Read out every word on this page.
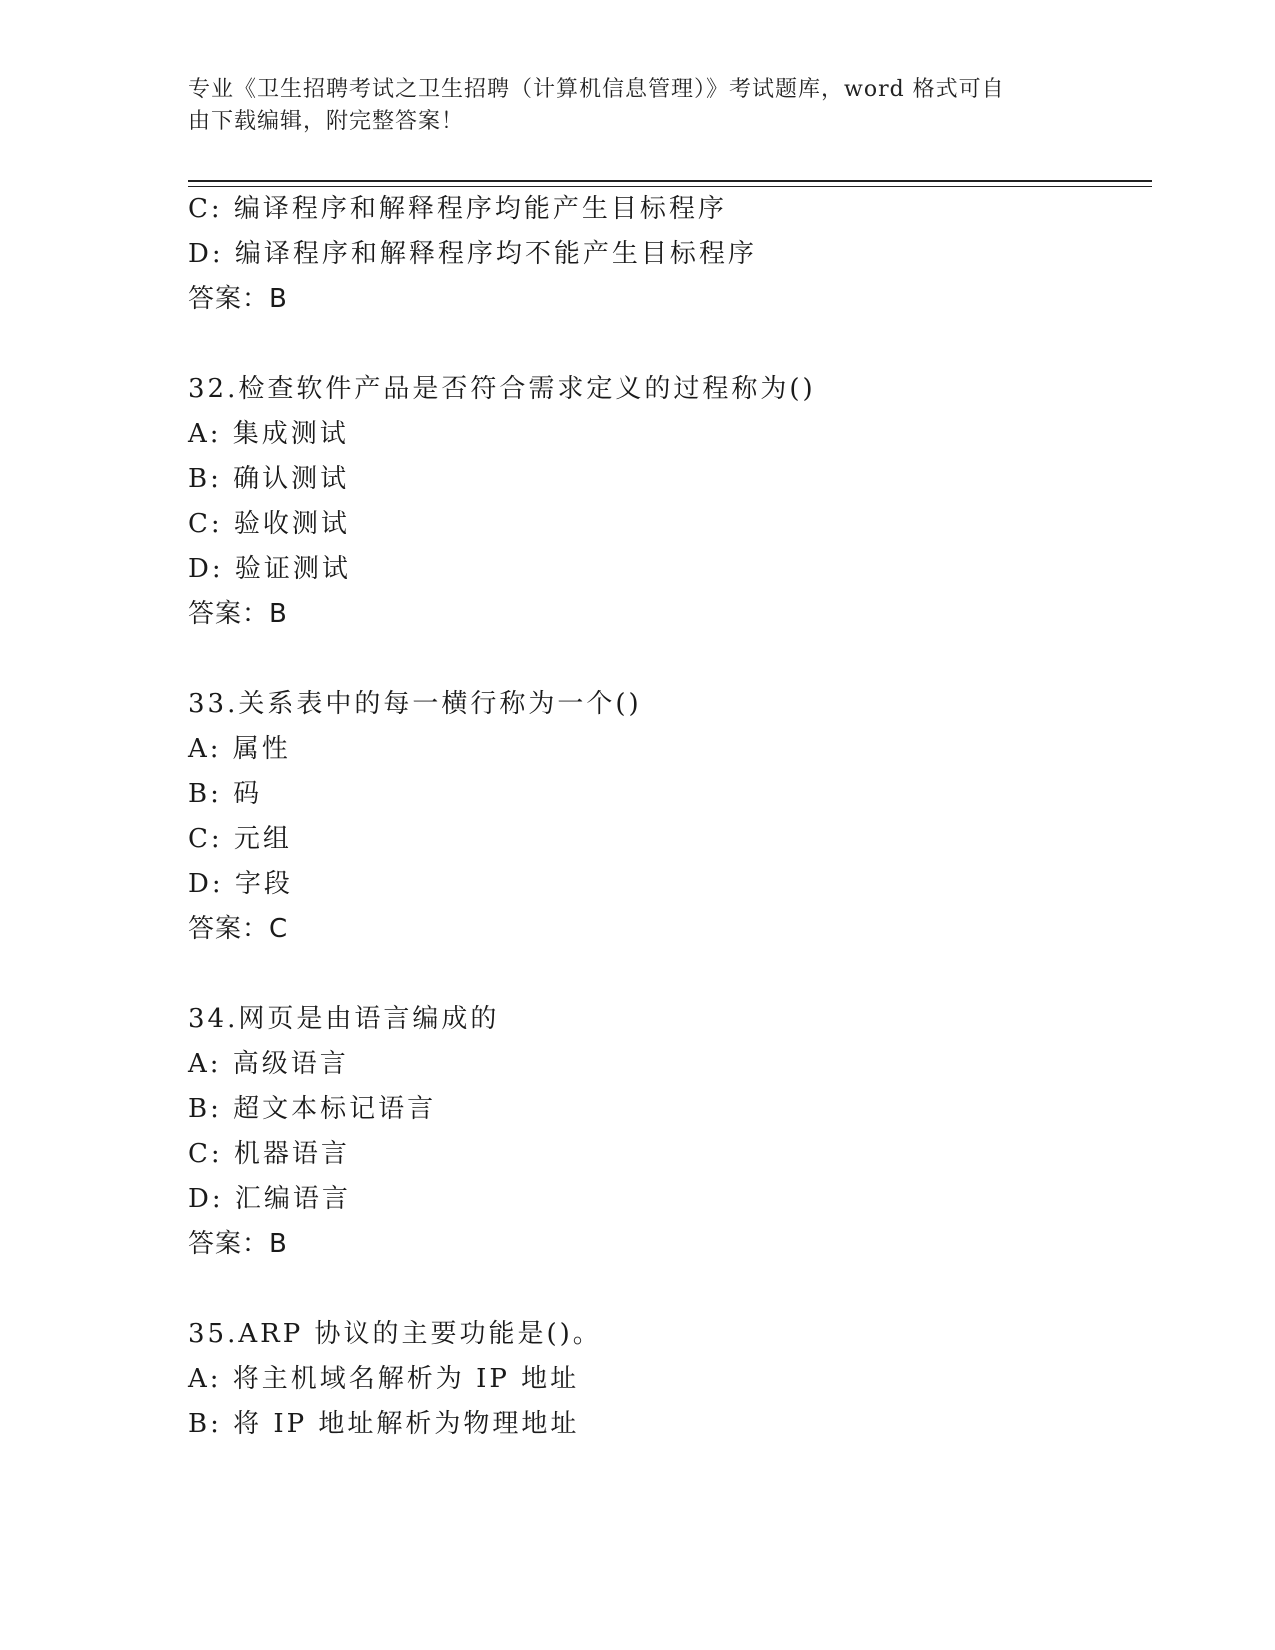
专业《卫生招聘考试之卫生招聘（计算机信息管理）》考试题库，word 格式可自
由下载编辑，附完整答案！
C: 编译程序和解释程序均能产生目标程序
D: 编译程序和解释程序均不能产生目标程序
答案：B
32.检查软件产品是否符合需求定义的过程称为()
A: 集成测试
B: 确认测试
C: 验收测试
D: 验证测试
答案：B
33.关系表中的每一横行称为一个()
A: 属性
B: 码
C: 元组
D: 字段
答案：C
34.网页是由语言编成的
A: 高级语言
B: 超文本标记语言
C: 机器语言
D: 汇编语言
答案：B
35.ARP 协议的主要功能是()。
A: 将主机域名解析为 IP 地址
B: 将 IP 地址解析为物理地址
